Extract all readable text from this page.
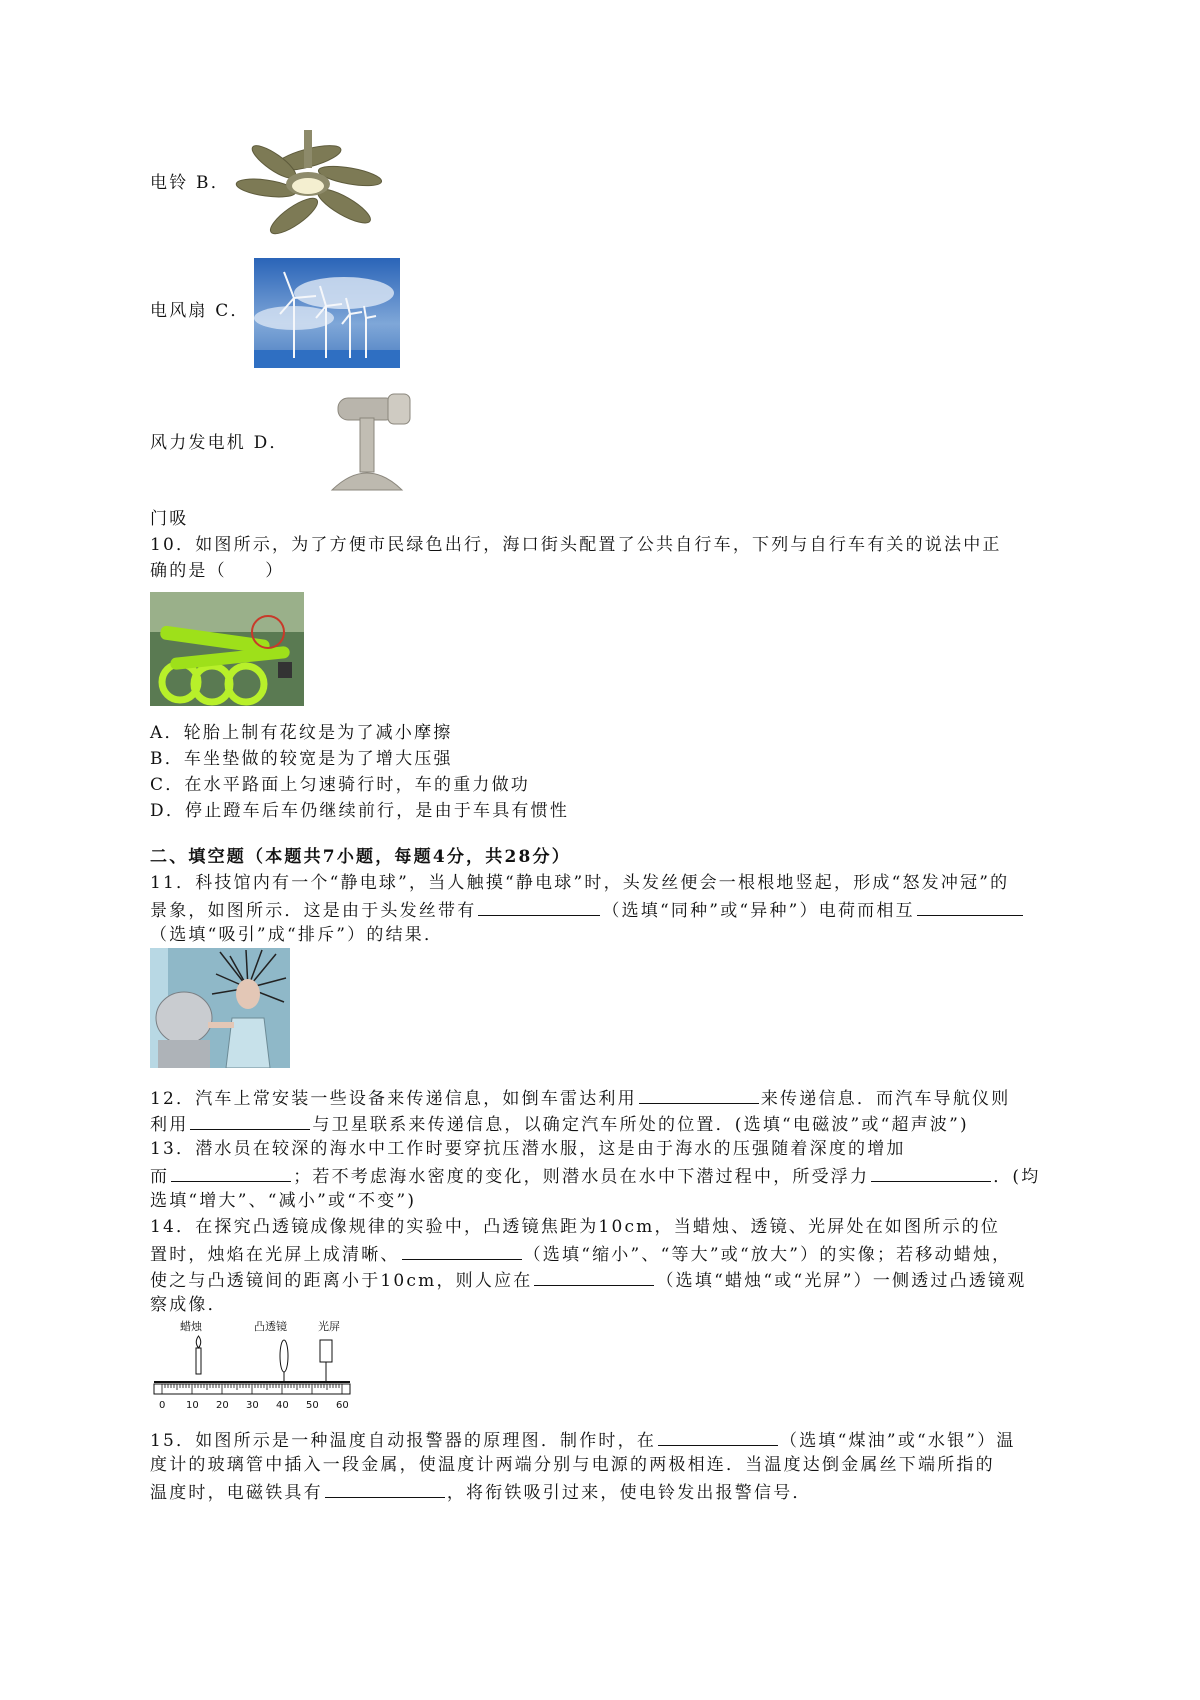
电铃 B．
电风扇 C．
风力发电机 D．
门吸
10．如图所示，为了方便市民绿色出行，海口街头配置了公共自行车，下列与自行车有关的说法中正
确的是（　　）
A．轮胎上制有花纹是为了减小摩擦
B．车坐垫做的较宽是为了增大压强
C．在水平路面上匀速骑行时，车的重力做功
D．停止蹬车后车仍继续前行，是由于车具有惯性
二、填空题（本题共7小题，每题4分，共28分）
11．科技馆内有一个“静电球”，当人触摸“静电球”时，头发丝便会一根根地竖起，形成“怒发冲冠”的
景象，如图所示．这是由于头发丝带有	（选填“同种”或“异种”）电荷而相互
（选填“吸引”成“排斥”）的结果．
12．汽车上常安装一些设备来传递信息，如倒车雷达利用	来传递信息．而汽车导航仪则
利用	与卫星联系来传递信息，以确定汽车所处的位置．(选填“电磁波”或“超声波”)
13．潜水员在较深的海水中工作时要穿抗压潜水服，这是由于海水的压强随着深度的增加
而	；若不考虑海水密度的变化，则潜水员在水中下潜过程中，所受浮力	．(均
选填“增大”、“减小”或“不变”)
14．在探究凸透镜成像规律的实验中，凸透镜焦距为10cm，当蜡烛、透镜、光屏处在如图所示的位
置时，烛焰在光屏上成清晰、	（选填“缩小”、“等大”或“放大”）的实像；若移动蜡烛，
使之与凸透镜间的距离小于10cm，则人应在	（选填“蜡烛“或“光屏”）一侧透过凸透镜观
察成像．
蜡烛	凸透镜	光屏
0 10 20 30 40 50 60
15．如图所示是一种温度自动报警器的原理图．制作时，在	（选填“煤油”或“水银”）温
度计的玻璃管中插入一段金属，使温度计两端分别与电源的两极相连．当温度达倒金属丝下端所指的
温度时，电磁铁具有	，将衔铁吸引过来，使电铃发出报警信号．
